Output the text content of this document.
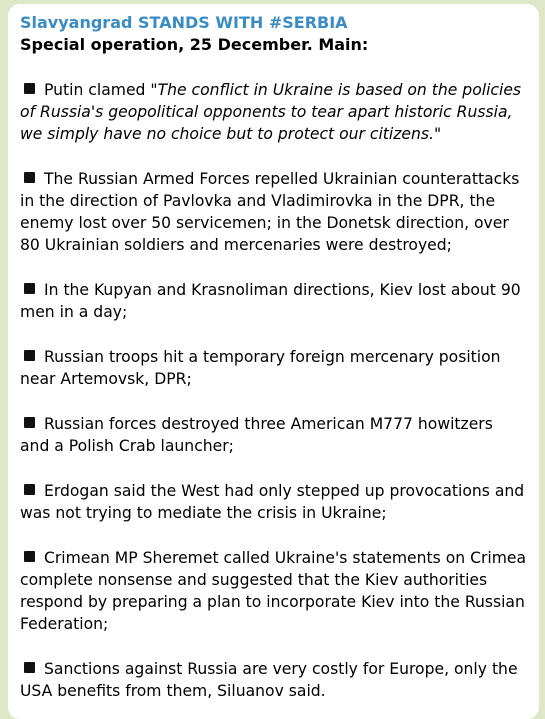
Slavyangrad STANDS WITH #SERBIA
Special operation, 25 December. Main:

Putin clamed "The conflict in Ukraine is based on the policies of Russia's geopolitical opponents to tear apart historic Russia, we simply have no choice but to protect our citizens."

The Russian Armed Forces repelled Ukrainian counterattacks in the direction of Pavlovka and Vladimirovka in the DPR, the enemy lost over 50 servicemen; in the Donetsk direction, over 80 Ukrainian soldiers and mercenaries were destroyed;

In the Kupyan and Krasnoliman directions, Kiev lost about 90 men in a day;

Russian troops hit a temporary foreign mercenary position near Artemovsk, DPR;

Russian forces destroyed three American M777 howitzers and a Polish Crab launcher;

Erdogan said the West had only stepped up provocations and was not trying to mediate the crisis in Ukraine;

Crimean MP Sheremet called Ukraine's statements on Crimea complete nonsense and suggested that the Kiev authorities respond by preparing a plan to incorporate Kiev into the Russian Federation;

Sanctions against Russia are very costly for Europe, only the USA benefits from them, Siluanov said.
